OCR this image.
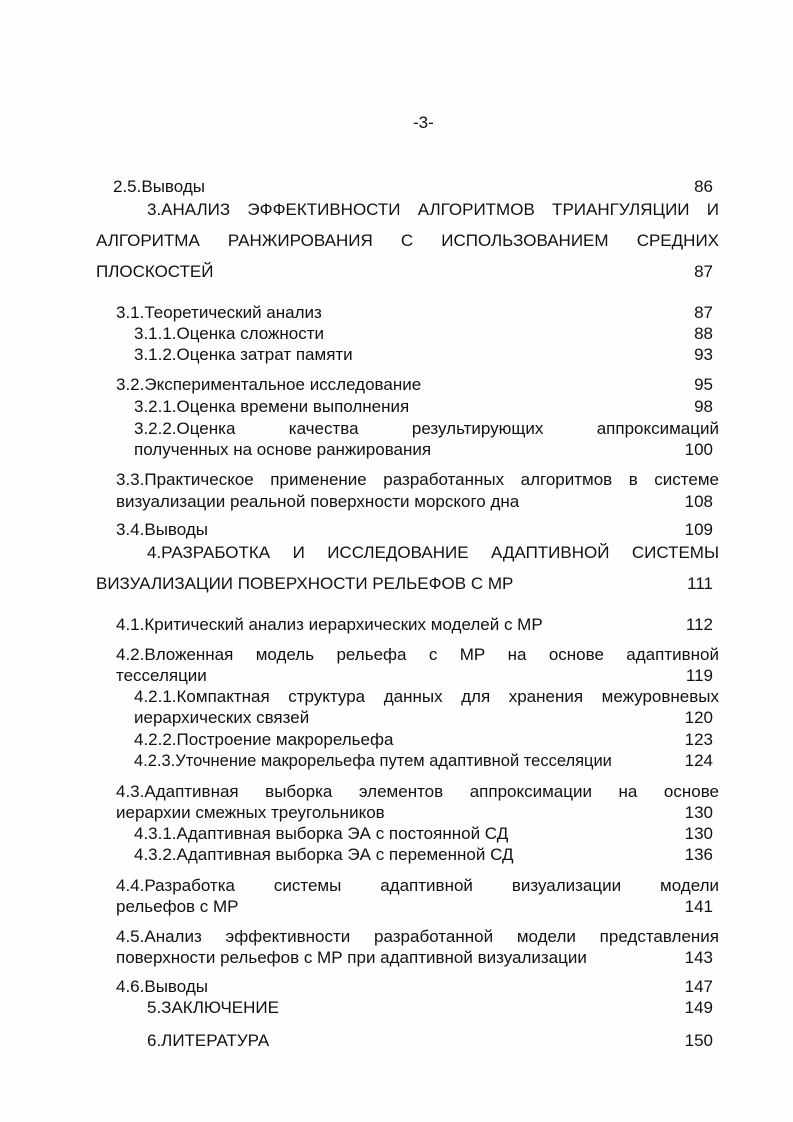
-3-
2.5.Выводы	86
3.АНАЛИЗ ЭФФЕКТИВНОСТИ АЛГОРИТМОВ ТРИАНГУЛЯЦИИ И
АЛГОРИТМА РАНЖИРОВАНИЯ С ИСПОЛЬЗОВАНИЕМ СРЕДНИХ
ПЛОСКОСТЕЙ	87
3.1.Теоретический анализ	87
3.1.1.Оценка сложности	88
3.1.2.Оценка затрат памяти	93
3.2.Экспериментальное исследование	95
3.2.1.Оценка времени выполнения	98
3.2.2.Оценка качества результирующих аппроксимаций
полученных на основе ранжирования	100
3.3.Практическое применение разработанных алгоритмов в системе
визуализации реальной поверхности морского дна	108
3.4.Выводы	109
4.РАЗРАБОТКА И ИССЛЕДОВАНИЕ АДАПТИВНОЙ СИСТЕМЫ
ВИЗУАЛИЗАЦИИ ПОВЕРХНОСТИ РЕЛЬЕФОВ С МР	111
4.1.Критический анализ иерархических моделей с МР	112
4.2.Вложенная модель рельефа с МР на основе адаптивной
тесселяции	119
4.2.1.Компактная структура данных для хранения межуровневых
иерархических связей	120
4.2.2.Построение макрорельефа	123
4.2.3.Уточнение макрорельефа путем адаптивной тесселяции	124
4.3.Адаптивная выборка элементов аппроксимации на основе
иерархии смежных треугольников	130
4.3.1.Адаптивная выборка ЭА с постоянной СД	130
4.3.2.Адаптивная выборка ЭА с переменной СД	136
4.4.Разработка системы адаптивной визуализации модели
рельефов с МР	141
4.5.Анализ эффективности разработанной модели представления
поверхности рельефов с МР при адаптивной визуализации	143
4.6.Выводы	147
5.ЗАКЛЮЧЕНИЕ	149
6.ЛИТЕРАТУРА	150
